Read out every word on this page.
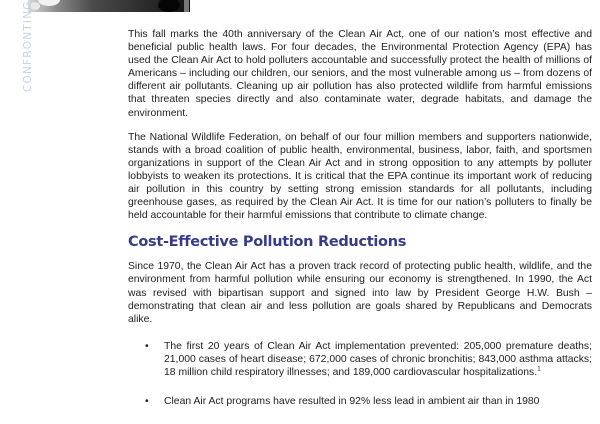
CONFRONTING	This fall marks the 40th anniversary of the Clean Air Act, one of our nation’s most effective and beneficial public health laws. For four decades, the Environmental Protection Agency (EPA) has used the Clean Air Act to hold polluters accountable and successfully protect the health of millions of Americans – including our children, our seniors, and the most vulnerable among us – from dozens of different air pollutants. Cleaning up air pollution has also protected wildlife from harmful emissions that threaten species directly and also contaminate water, degrade habitats, and damage the environment.

The National Wildlife Federation, on behalf of our four million members and supporters nationwide, stands with a broad coalition of public health, environmental, business, labor, faith, and sportsmen organizations in support of the Clean Air Act and in strong opposition to any attempts by polluter lobbyists to weaken its protections. It is critical that the EPA continue its important work of reducing air pollution in this country by setting strong emission standards for all pollutants, including greenhouse gases, as required by the Clean Air Act. It is time for our nation’s polluters to finally be held accountable for their harmful emissions that contribute to climate change.

Cost-Effective Pollution Reductions

Since 1970, the Clean Air Act has a proven track record of protecting public health, wildlife, and the environment from harmful pollution while ensuring our economy is strengthened. In 1990, the Act was revised with bipartisan support and signed into law by President George H.W. Bush – demonstrating that clean air and less pollution are goals shared by Republicans and Democrats alike.

• The first 20 years of Clean Air Act implementation prevented: 205,000 premature deaths; 21,000 cases of heart disease; 672,000 cases of chronic bronchitis; 843,000 asthma attacks; 18 million child respiratory illnesses; and 189,000 cardiovascular hospitalizations.$^1$
• Clean Air Act programs have resulted in 92% less lead in ambient air than in 1980
